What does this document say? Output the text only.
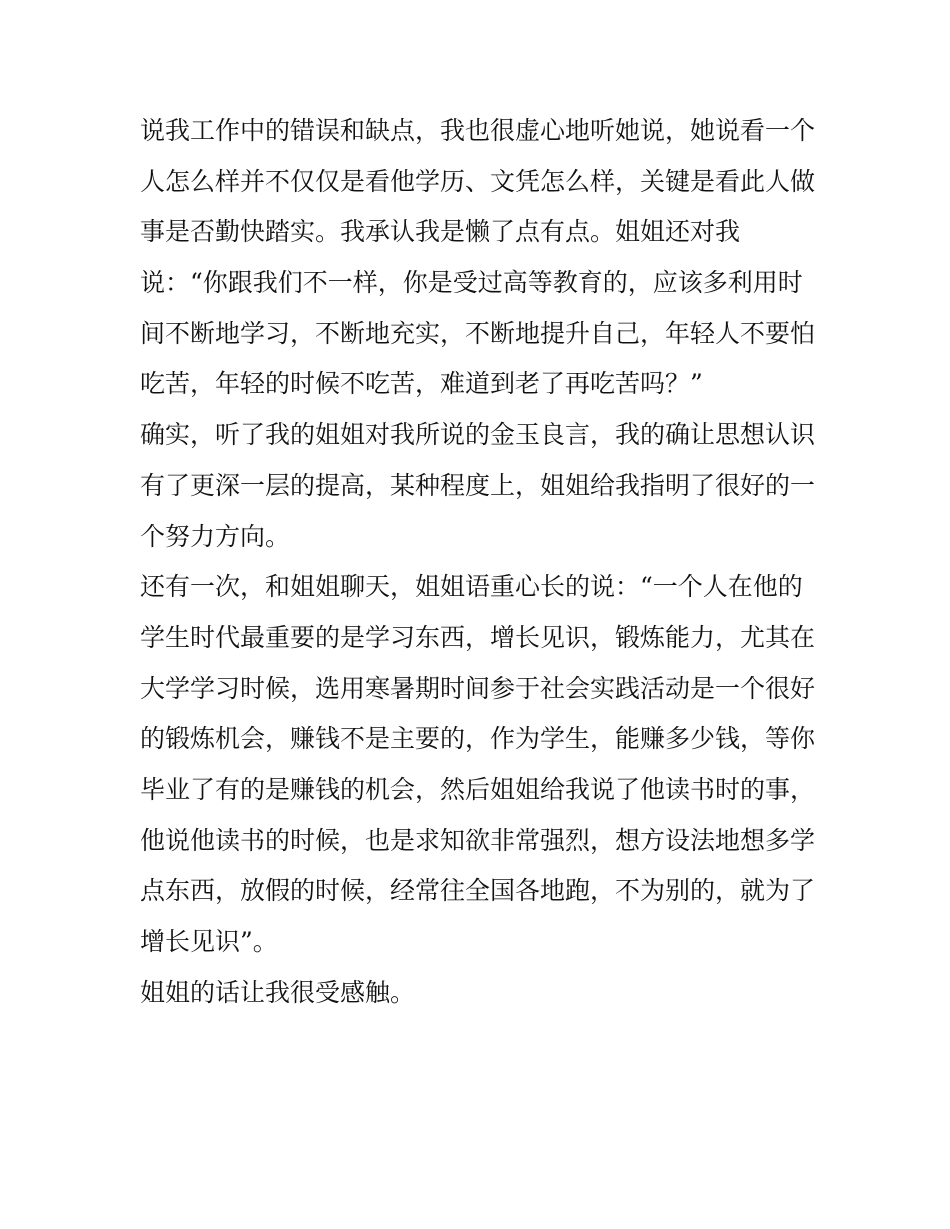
说我工作中的错误和缺点，我也很虚心地听她说，她说看一个

人怎么样并不仅仅是看他学历、文凭怎么样，关键是看此人做

事是否勤快踏实。我承认我是懒了点有点。姐姐还对我

说：“你跟我们不一样，你是受过高等教育的，应该多利用时

间不断地学习，不断地充实，不断地提升自己，年轻人不要怕

吃苦，年轻的时候不吃苦，难道到老了再吃苦吗？”

确实，听了我的姐姐对我所说的金玉良言，我的确让思想认识

有了更深一层的提高，某种程度上，姐姐给我指明了很好的一

个努力方向。

还有一次，和姐姐聊天，姐姐语重心长的说：“一个人在他的

学生时代最重要的是学习东西，增长见识，锻炼能力，尤其在

大学学习时候，选用寒暑期时间参于社会实践活动是一个很好

的锻炼机会，赚钱不是主要的，作为学生，能赚多少钱，等你

毕业了有的是赚钱的机会，然后姐姐给我说了他读书时的事，

他说他读书的时候，也是求知欲非常强烈，想方设法地想多学

点东西，放假的时候，经常往全国各地跑，不为别的，就为了

增长见识”。

姐姐的话让我很受感触。
